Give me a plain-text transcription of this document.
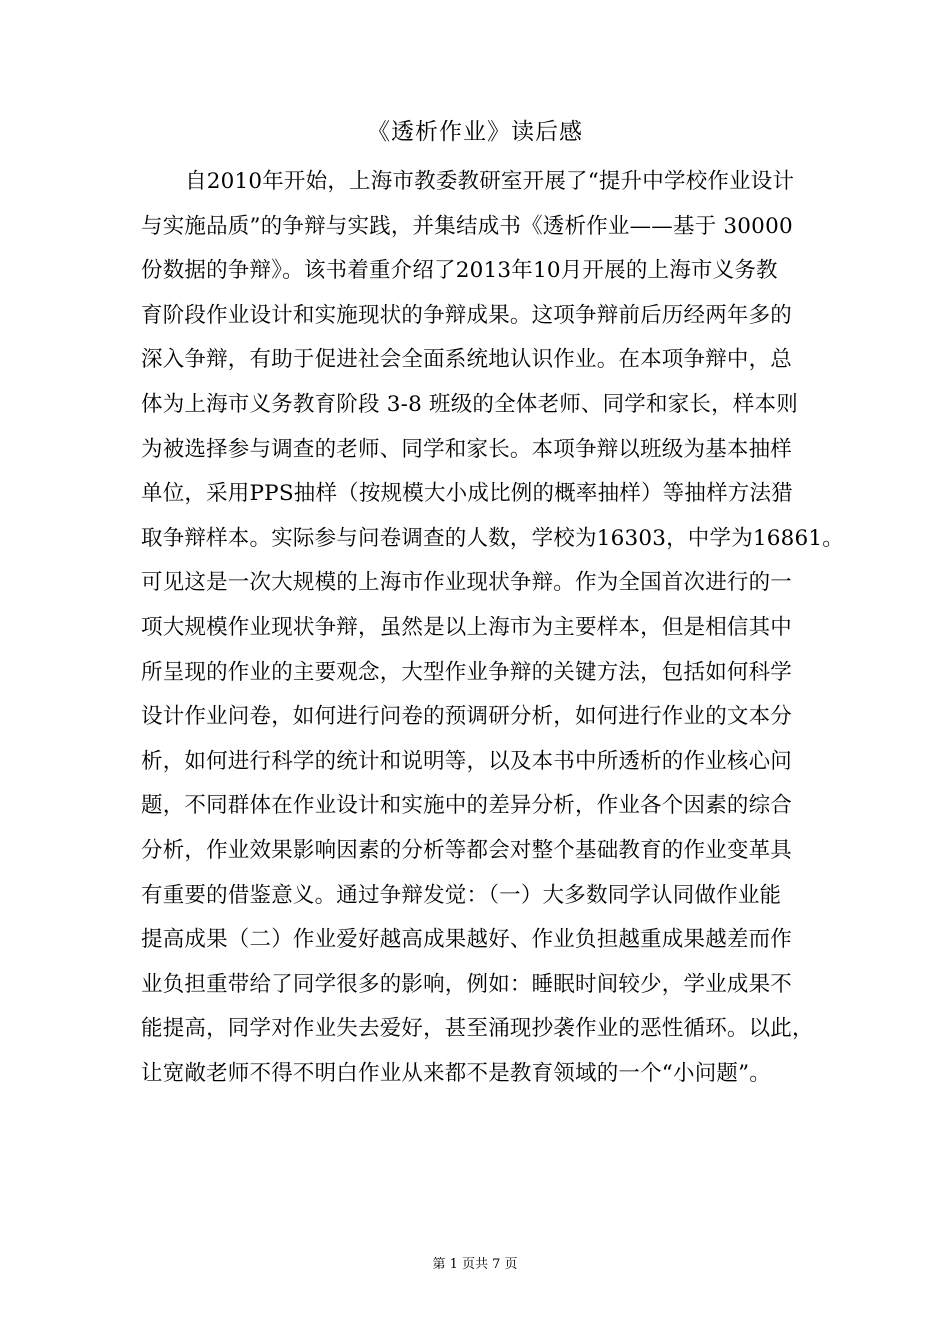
《透析作业》读后感
自2010年开始，上海市教委教研室开展了“提升中学校作业设计
与实施品质”的争辩与实践，并集结成书《透析作业——基于 30000
份数据的争辩》。该书着重介绍了2013年10月开展的上海市义务教
育阶段作业设计和实施现状的争辩成果。这项争辩前后历经两年多的
深入争辩，有助于促进社会全面系统地认识作业。在本项争辩中，总
体为上海市义务教育阶段 3-8 班级的全体老师、同学和家长，样本则
为被选择参与调查的老师、同学和家长。本项争辩以班级为基本抽样
单位，采用PPS抽样（按规模大小成比例的概率抽样）等抽样方法猎
取争辩样本。实际参与问卷调查的人数，学校为16303，中学为16861。
可见这是一次大规模的上海市作业现状争辩。作为全国首次进行的一
项大规模作业现状争辩，虽然是以上海市为主要样本，但是相信其中
所呈现的作业的主要观念，大型作业争辩的关键方法，包括如何科学
设计作业问卷，如何进行问卷的预调研分析，如何进行作业的文本分
析，如何进行科学的统计和说明等，以及本书中所透析的作业核心问
题，不同群体在作业设计和实施中的差异分析，作业各个因素的综合
分析，作业效果影响因素的分析等都会对整个基础教育的作业变革具
有重要的借鉴意义。通过争辩发觉：（一）大多数同学认同做作业能
提高成果（二）作业爱好越高成果越好、作业负担越重成果越差而作
业负担重带给了同学很多的影响，例如：睡眠时间较少，学业成果不
能提高，同学对作业失去爱好，甚至涌现抄袭作业的恶性循环。以此，
让宽敞老师不得不明白作业从来都不是教育领域的一个“小问题”。
第 1 页共 7 页
